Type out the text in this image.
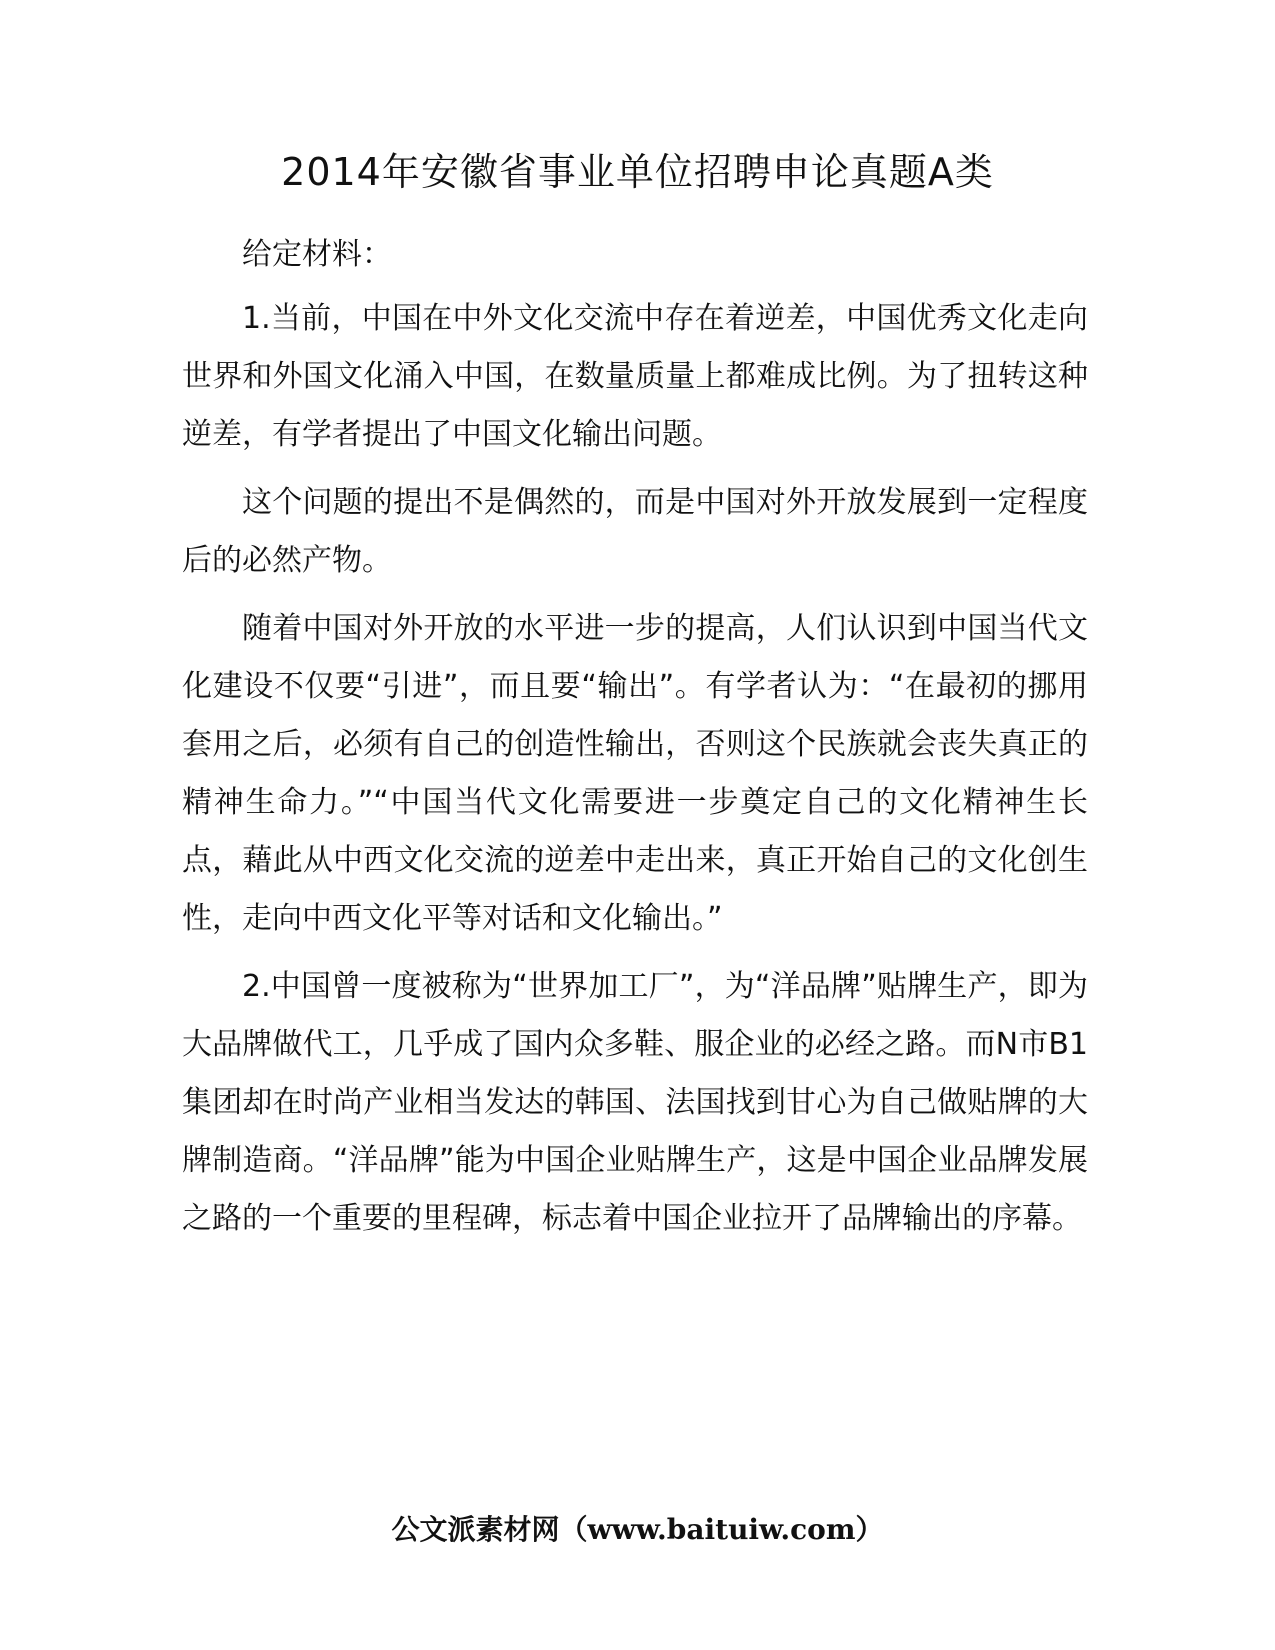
2014年安徽省事业单位招聘申论真题A类

给定材料：

1.当前，中国在中外文化交流中存在着逆差，中国优秀文化走向世界和外国文化涌入中国，在数量质量上都难成比例。为了扭转这种逆差，有学者提出了中国文化输出问题。

这个问题的提出不是偶然的，而是中国对外开放发展到一定程度后的必然产物。

随着中国对外开放的水平进一步的提高，人们认识到中国当代文化建设不仅要“引进”，而且要“输出”。有学者认为：“在最初的挪用套用之后，必须有自己的创造性输出，否则这个民族就会丧失真正的精神生命力。”“中国当代文化需要进一步奠定自己的文化精神生长点，藉此从中西文化交流的逆差中走出来，真正开始自己的文化创生性，走向中西文化平等对话和文化输出。”

2.中国曾一度被称为“世界加工厂”，为“洋品牌”贴牌生产，即为大品牌做代工，几乎成了国内众多鞋、服企业的必经之路。而N市B1集团却在时尚产业相当发达的韩国、法国找到甘心为自己做贴牌的大牌制造商。“洋品牌”能为中国企业贴牌生产，这是中国企业品牌发展之路的一个重要的里程碑，标志着中国企业拉开了品牌输出的序幕。

公文派素材网（www.baituiw.com）
